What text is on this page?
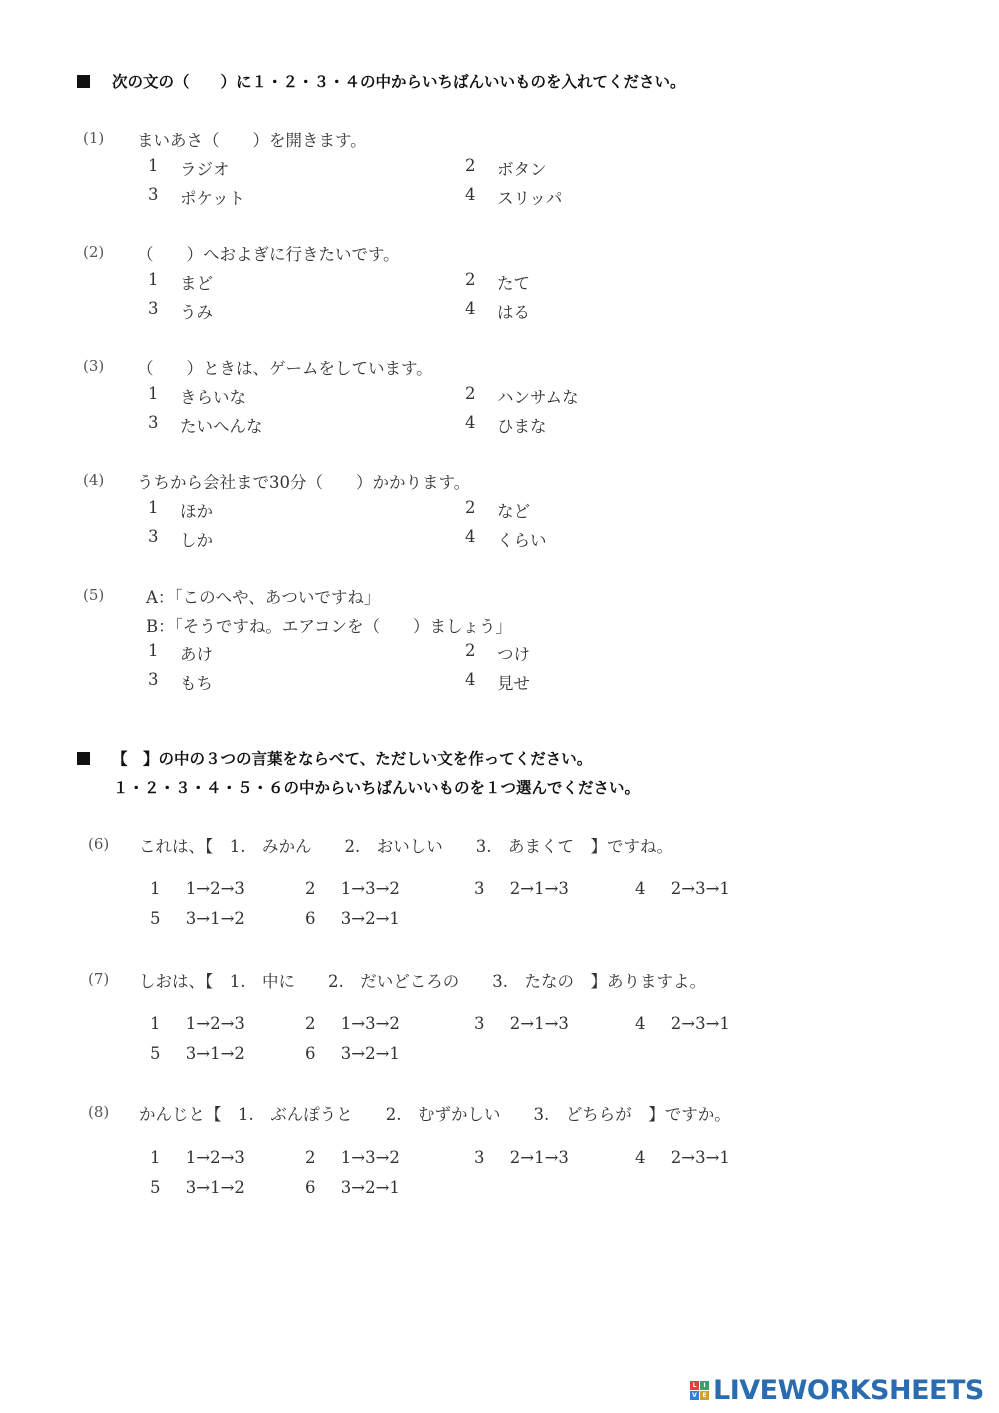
次の文の（　　）に１・２・３・４の中からいちばんいいものを入れてください。
(1) まいあさ（　　）を開きます。
1 ラジオ	2 ボタン
3 ポケット	4 スリッパ
(2) （　　）へおよぎに行きたいです。
1 まど	2 たて
3 うみ	4 はる
(3) （　　）ときは、ゲームをしています。
1 きらいな	2 ハンサムな
3 たいへんな	4 ひまな
(4) うちから会社まで30分（　　）かかります。
1 ほか	2 など
3 しか	4 くらい
(5)	A：「このへや、あついですね」
B：「そうですね。エアコンを（　　）ましょう」
1 あけ	2 つけ
3 もち	4 見せ
【　】の中の３つの言葉をならべて、ただしい文を作ってください。
１・２・３・４・５・６の中からいちばんいいものを１つ選んでください。
(6) これは、【　1.　みかん　　2.　おいしい　　3.　あまくて　】ですね。
1 1→2→3	2 1→3→2	3 2→1→3	4 2→3→1
5 3→1→2	6 3→2→1
(7) しおは、【　1.　中に　　2.　だいどころの　　3.　たなの　】ありますよ。
1 1→2→3	2 1→3→2	3 2→1→3	4 2→3→1
5 3→1→2	6 3→2→1
(8) かんじと【　1.　ぶんぽうと　　2.　むずかしい　　3.　どちらが　】ですか。
1 1→2→3	2 1→3→2	3 2→1→3	4 2→3→1
5 3→1→2	6 3→2→1
L	I
V E LIVEWORKSHEETS
